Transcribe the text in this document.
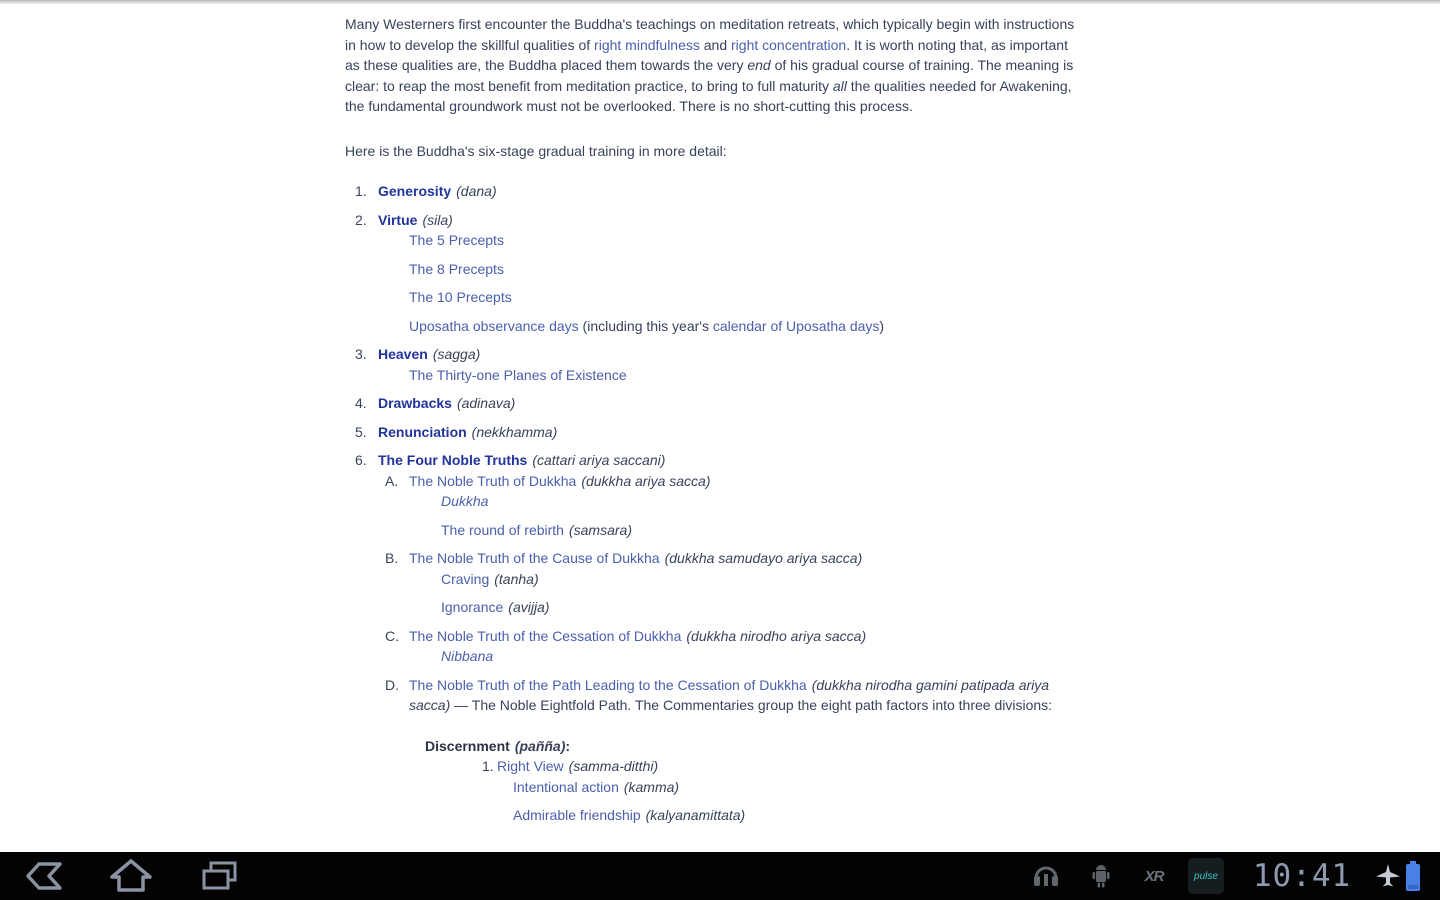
Many Westerners first encounter the Buddha's teachings on meditation retreats, which typically begin with instructions in how to develop the skillful qualities of right mindfulness and right concentration. It is worth noting that, as important as these qualities are, the Buddha placed them towards the very end of his gradual course of training. The meaning is clear: to reap the most benefit from meditation practice, to bring to full maturity all the qualities needed for Awakening, the fundamental groundwork must not be overlooked. There is no short-cutting this process.

Here is the Buddha's six-stage gradual training in more detail:

1. Generosity (dana)
2. Virtue (sila)
The 5 Precepts
The 8 Precepts
The 10 Precepts
Uposatha observance days (including this year's calendar of Uposatha days)
3. Heaven (sagga)
The Thirty-one Planes of Existence
4. Drawbacks (adinava)
5. Renunciation (nekkhamma)
6. The Four Noble Truths (cattari ariya saccani)
A. The Noble Truth of Dukkha (dukkha ariya sacca)
Dukkha
The round of rebirth (samsara)
B. The Noble Truth of the Cause of Dukkha (dukkha samudayo ariya sacca)
Craving (tanha)
Ignorance (avijja)
C. The Noble Truth of the Cessation of Dukkha (dukkha nirodho ariya sacca)
Nibbana
D. The Noble Truth of the Path Leading to the Cessation of Dukkha (dukkha nirodha gamini patipada ariya sacca) — The Noble Eightfold Path. The Commentaries group the eight path factors into three divisions:
Discernment (pañña):
1. Right View (samma-ditthi)
Intentional action (kamma)
Admirable friendship (kalyanamittata)
XR	pulse	10:41
